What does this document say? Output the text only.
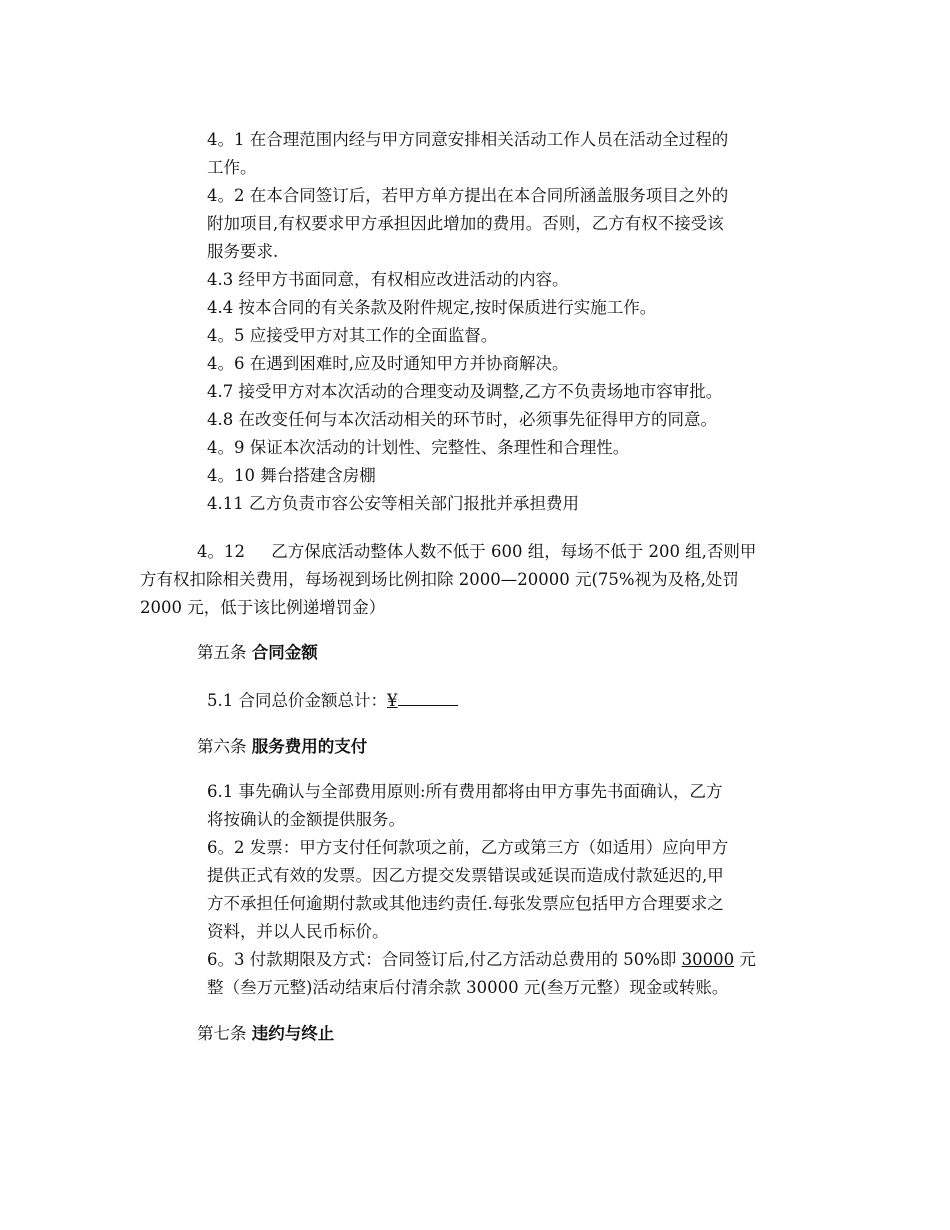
4。1 在合理范围内经与甲方同意安排相关活动工作人员在活动全过程的
工作。
4。2 在本合同签订后，若甲方单方提出在本合同所涵盖服务项目之外的
附加项目,有权要求甲方承担因此增加的费用。否则，乙方有权不接受该
服务要求.
4.3 经甲方书面同意，有权相应改进活动的内容。
4.4 按本合同的有关条款及附件规定,按时保质进行实施工作。
4。5 应接受甲方对其工作的全面监督。
4。6 在遇到困难时,应及时通知甲方并协商解决。
4.7 接受甲方对本次活动的合理变动及调整,乙方不负责场地市容审批。
4.8 在改变任何与本次活动相关的环节时，必须事先征得甲方的同意。
4。9 保证本次活动的计划性、完整性、条理性和合理性。
4。10 舞台搭建含房棚
4.11 乙方负责市容公安等相关部门报批并承担费用
4。12     乙方保底活动整体人数不低于 600 组，每场不低于 200 组,否则甲
方有权扣除相关费用，每场视到场比例扣除 2000—20000 元(75%视为及格,处罚
2000 元，低于该比例递增罚金）
第五条 合同金额
5.1 合同总价金额总计：¥
第六条 服务费用的支付
6.1 事先确认与全部费用原则:所有费用都将由甲方事先书面确认，乙方
将按确认的金额提供服务。
6。2 发票：甲方支付任何款项之前，乙方或第三方（如适用）应向甲方
提供正式有效的发票。因乙方提交发票错误或延误而造成付款延迟的,甲
方不承担任何逾期付款或其他违约责任.每张发票应包括甲方合理要求之
资料，并以人民币标价。
6。3 付款期限及方式：合同签订后,付乙方活动总费用的 50%即 30000 元
整（叁万元整)活动结束后付清余款 30000 元(叁万元整）现金或转账。
第七条 违约与终止
